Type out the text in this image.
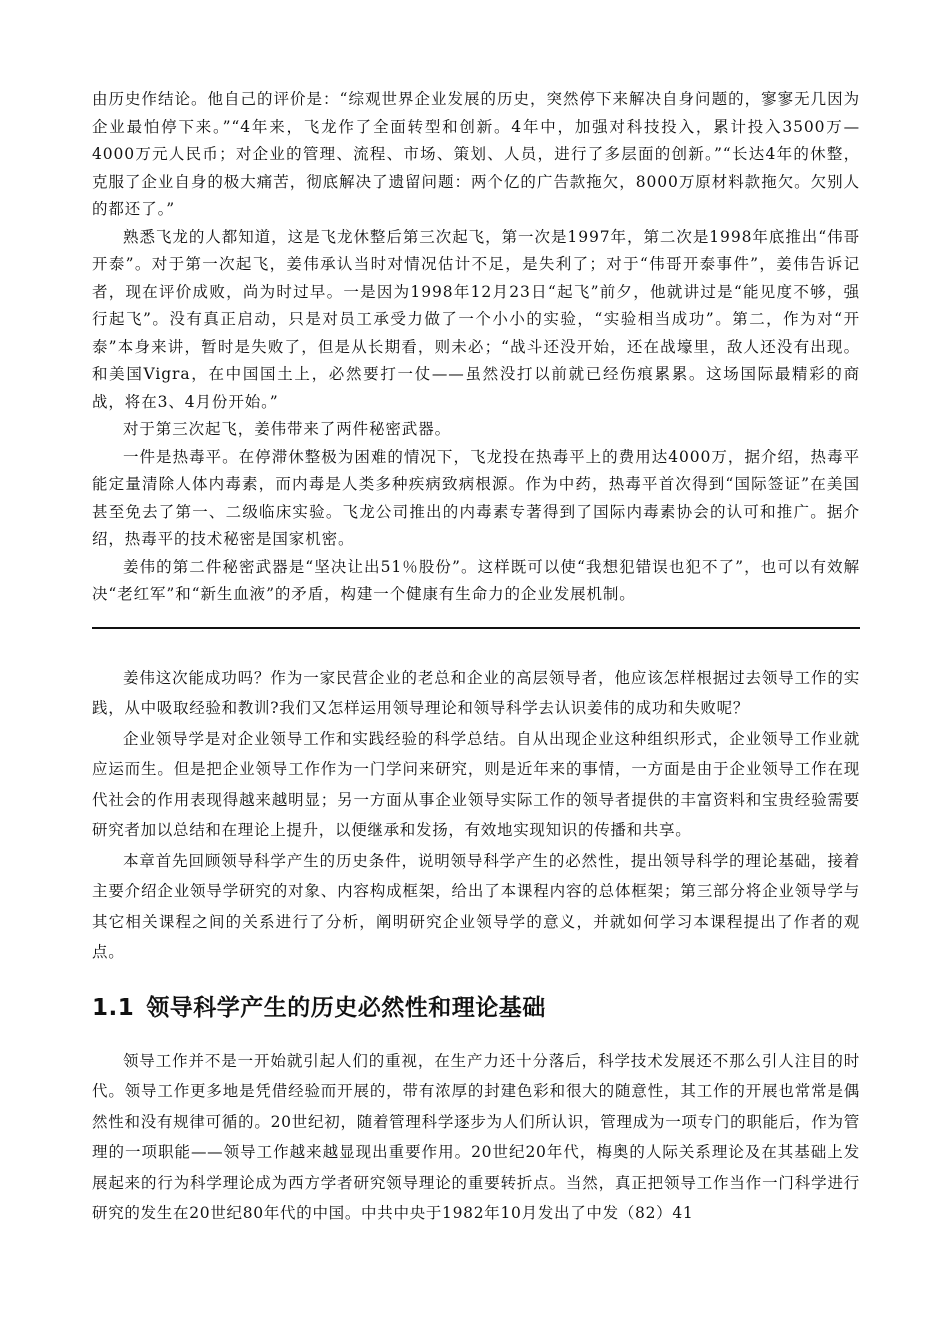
由历史作结论。他自己的评价是：“综观世界企业发展的历史，突然停下来解决自身问题的，寥寥无几因为企业最怕停下来。”“4年来，飞龙作了全面转型和创新。4年中，加强对科技投入，累计投入3500万—4000万元人民币；对企业的管理、流程、市场、策划、人员，进行了多层面的创新。”“长达4年的休整，克服了企业自身的极大痛苦，彻底解决了遗留问题：两个亿的广告款拖欠，8000万原材料款拖欠。欠别人的都还了。”

熟悉飞龙的人都知道，这是飞龙休整后第三次起飞，第一次是1997年，第二次是1998年底推出“伟哥开泰”。对于第一次起飞，姜伟承认当时对情况估计不足，是失利了；对于“伟哥开泰事件”，姜伟告诉记者，现在评价成败，尚为时过早。一是因为1998年12月23日“起飞”前夕，他就讲过是“能见度不够，强行起飞”。没有真正启动，只是对员工承受力做了一个小小的实验，“实验相当成功”。第二，作为对“开泰”本身来讲，暂时是失败了，但是从长期看，则未必；“战斗还没开始，还在战壕里，敌人还没有出现。和美国Vigra，在中国国土上，必然要打一仗——虽然没打以前就已经伤痕累累。这场国际最精彩的商战，将在3、4月份开始。”

对于第三次起飞，姜伟带来了两件秘密武器。

一件是热毒平。在停滞休整极为困难的情况下，飞龙投在热毒平上的费用达4000万，据介绍，热毒平能定量清除人体内毒素，而内毒是人类多种疾病致病根源。作为中药，热毒平首次得到“国际签证”在美国甚至免去了第一、二级临床实验。飞龙公司推出的内毒素专著得到了国际内毒素协会的认可和推广。据介绍，热毒平的技术秘密是国家机密。

姜伟的第二件秘密武器是“坚决让出51％股份”。这样既可以使“我想犯错误也犯不了”，也可以有效解决“老红军”和“新生血液”的矛盾，构建一个健康有生命力的企业发展机制。

姜伟这次能成功吗？作为一家民营企业的老总和企业的高层领导者，他应该怎样根据过去领导工作的实践，从中吸取经验和教训?我们又怎样运用领导理论和领导科学去认识姜伟的成功和失败呢？

企业领导学是对企业领导工作和实践经验的科学总结。自从出现企业这种组织形式，企业领导工作业就应运而生。但是把企业领导工作作为一门学问来研究，则是近年来的事情，一方面是由于企业领导工作在现代社会的作用表现得越来越明显；另一方面从事企业领导实际工作的领导者提供的丰富资料和宝贵经验需要研究者加以总结和在理论上提升，以便继承和发扬，有效地实现知识的传播和共享。

本章首先回顾领导科学产生的历史条件，说明领导科学产生的必然性，提出领导科学的理论基础，接着主要介绍企业领导学研究的对象、内容构成框架，给出了本课程内容的总体框架；第三部分将企业领导学与其它相关课程之间的关系进行了分析，阐明研究企业领导学的意义，并就如何学习本课程提出了作者的观点。

1.1 领导科学产生的历史必然性和理论基础

领导工作并不是一开始就引起人们的重视，在生产力还十分落后，科学技术发展还不那么引人注目的时代。领导工作更多地是凭借经验而开展的，带有浓厚的封建色彩和很大的随意性，其工作的开展也常常是偶然性和没有规律可循的。20世纪初，随着管理科学逐步为人们所认识，管理成为一项专门的职能后，作为管理的一项职能——领导工作越来越显现出重要作用。20世纪20年代，梅奥的人际关系理论及在其基础上发展起来的行为科学理论成为西方学者研究领导理论的重要转折点。当然，真正把领导工作当作一门科学进行研究的发生在20世纪80年代的中国。中共中央于1982年10月发出了中发（82）41
